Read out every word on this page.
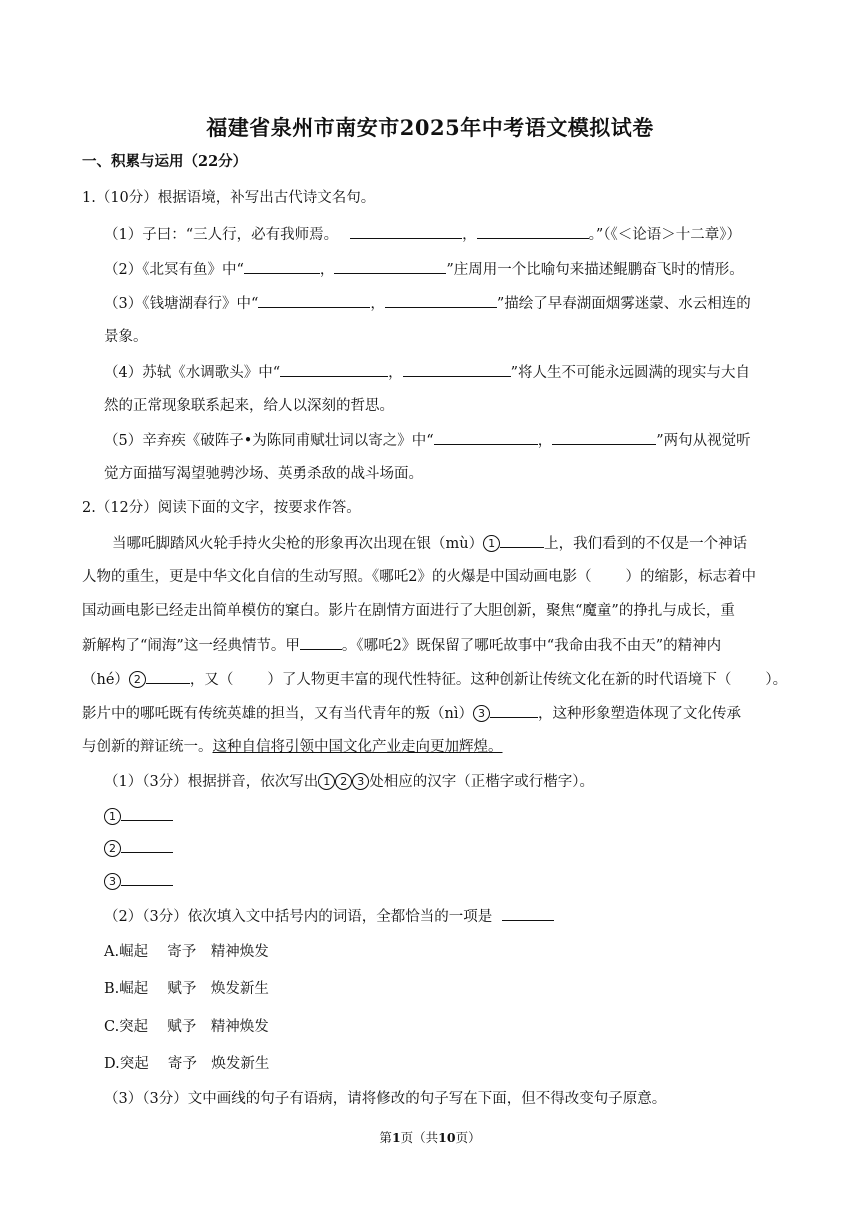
福建省泉州市南安市2025年中考语文模拟试卷
一、积累与运用（22分）
1.（10分）根据语境，补写出古代诗文名句。
（1）子曰：“三人行，必有我师焉。	，	。”（《＜论语＞十二章》）
（2）《北冥有鱼》中“	，	”庄周用一个比喻句来描述鲲鹏奋飞时的情形。
（3）《钱塘湖春行》中“	，	”描绘了早春湖面烟雾迷蒙、水云相连的
景象。
（4）苏轼《水调歌头》中“	，	”将人生不可能永远圆满的现实与大自
然的正常现象联系起来，给人以深刻的哲思。
（5）辛弃疾《破阵子•为陈同甫赋壮词以寄之》中“	，	”两句从视觉听
觉方面描写渴望驰骋沙场、英勇杀敌的战斗场面。
2.（12分）阅读下面的文字，按要求作答。
当哪吒脚踏风火轮手持火尖枪的形象再次出现在银（mù） 1	上，我们看到的不仅是一个神话
人物的重生，更是中华文化自信的生动写照。《哪吒2》的火爆是中国动画电影（ ）的缩影，标志着中
国动画电影已经走出简单模仿的窠白。影片在剧情方面进行了大胆创新，聚焦“魔童”的挣扎与成长，重
新解构了“闹海”这一经典情节。甲	。《哪吒2》既保留了哪吒故事中“我命由我不由天”的精神内
（hé） 2	，又（ ）了人物更丰富的现代性特征。这种创新让传统文化在新的时代语境下（ ）。
影片中的哪吒既有传统英雄的担当，又有当代青年的叛（nì） 3	，这种形象塑造体现了文化传承
与创新的辩证统一。这种自信将引领中国文化产业走向更加辉煌。
（1）（3分）根据拼音，依次写出 1 2 3 处相应的汉字（正楷字或行楷字）。
1
2
3
（2）（3分）依次填入文中括号内的词语，全都恰当的一项是
A.崛起　 寄予　精神焕发
B.崛起　 赋予　焕发新生
C.突起　 赋予　精神焕发
D.突起　 寄予　焕发新生
（3）（3分）文中画线的句子有语病，请将修改的句子写在下面，但不得改变句子原意。
第1页（共10页）
